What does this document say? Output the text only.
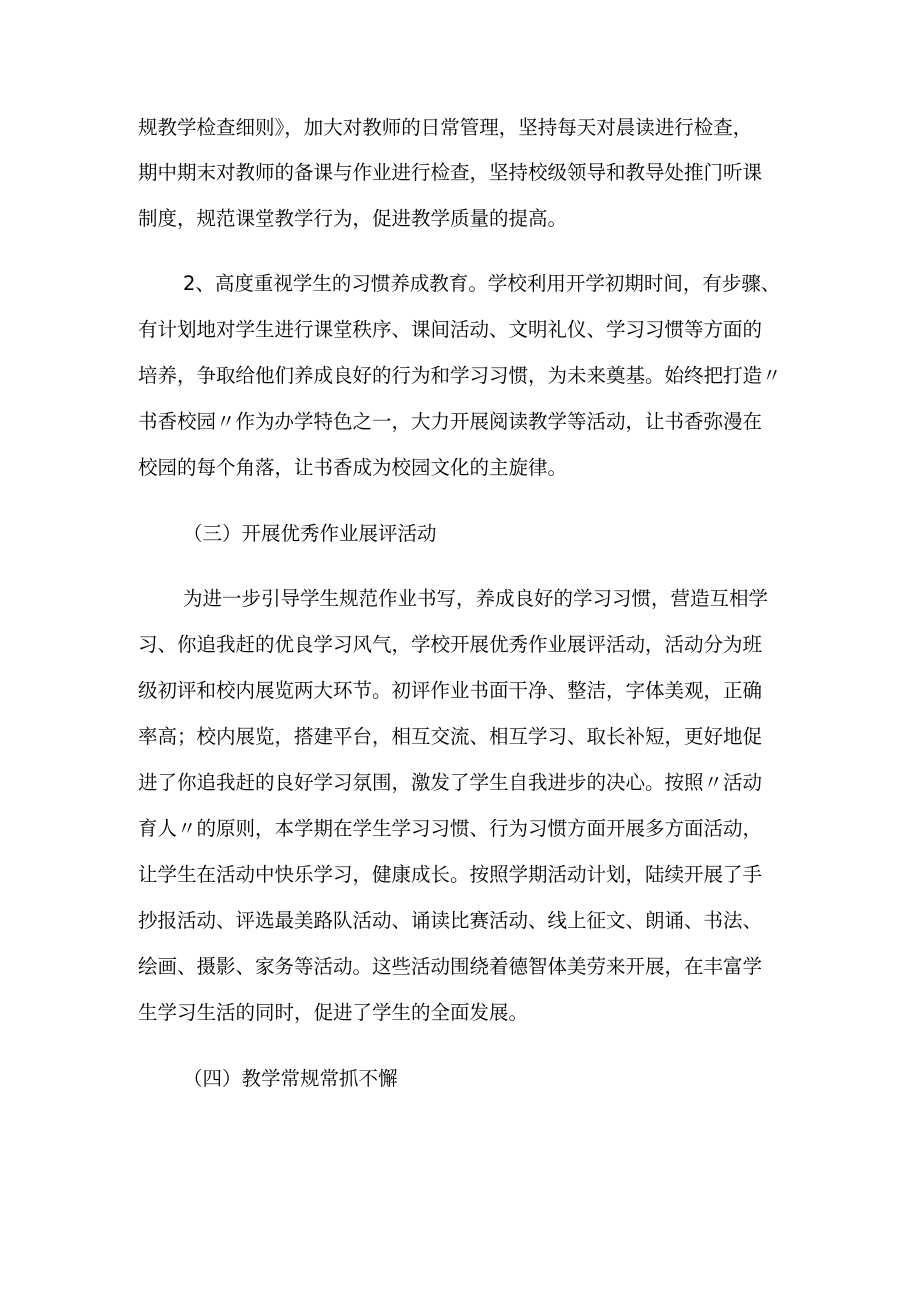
规教学检查细则》，加大对教师的日常管理，坚持每天对晨读进行检查，
期中期末对教师的备课与作业进行检查，坚持校级领导和教导处推门听课
制度，规范课堂教学行为，促进教学质量的提高。
2、高度重视学生的习惯养成教育。学校利用开学初期时间，有步骤、
有计划地对学生进行课堂秩序、课间活动、文明礼仪、学习习惯等方面的
培养，争取给他们养成良好的行为和学习习惯，为未来奠基。始终把打造〃
书香校园〃作为办学特色之一，大力开展阅读教学等活动，让书香弥漫在
校园的每个角落，让书香成为校园文化的主旋律。
（三）开展优秀作业展评活动
为进一步引导学生规范作业书写，养成良好的学习习惯，营造互相学
习、你追我赶的优良学习风气，学校开展优秀作业展评活动，活动分为班
级初评和校内展览两大环节。初评作业书面干净、整洁，字体美观，正确
率高；校内展览，搭建平台，相互交流、相互学习、取长补短，更好地促
进了你追我赶的良好学习氛围，激发了学生自我进步的决心。按照〃活动
育人〃的原则，本学期在学生学习习惯、行为习惯方面开展多方面活动，
让学生在活动中快乐学习，健康成长。按照学期活动计划，陆续开展了手
抄报活动、评选最美路队活动、诵读比赛活动、线上征文、朗诵、书法、
绘画、摄影、家务等活动。这些活动围绕着德智体美劳来开展，在丰富学
生学习生活的同时，促进了学生的全面发展。
（四）教学常规常抓不懈
